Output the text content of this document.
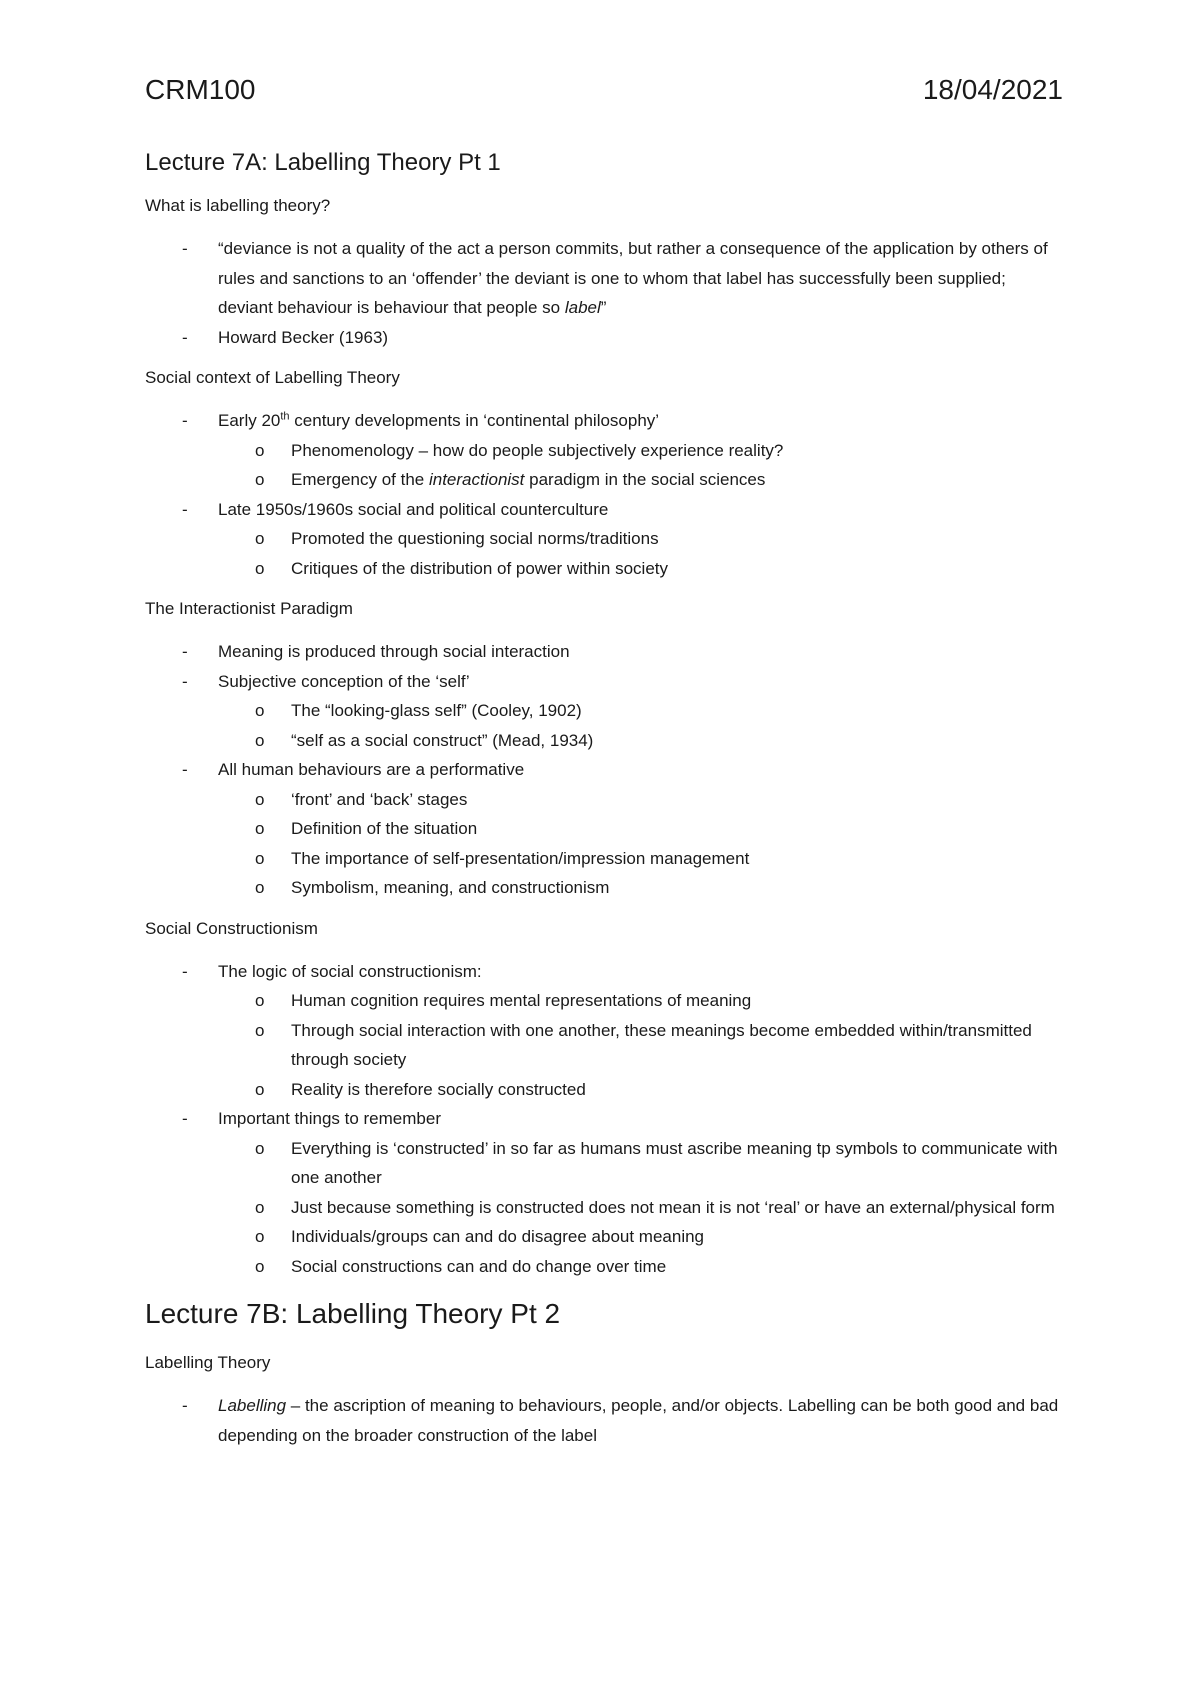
CRM100	18/04/2021
Lecture 7A: Labelling Theory Pt 1
What is labelling theory?
- “deviance is not a quality of the act a person commits, but rather a consequence of the application by others of rules and sanctions to an ‘offender’ the deviant is one to whom that label has successfully been supplied; deviant behaviour is behaviour that people so label”
- Howard Becker (1963)
Social context of Labelling Theory
- Early 20th century developments in ‘continental philosophy’
o Phenomenology – how do people subjectively experience reality?
o Emergency of the interactionist paradigm in the social sciences
- Late 1950s/1960s social and political counterculture
o Promoted the questioning social norms/traditions
o Critiques of the distribution of power within society
The Interactionist Paradigm
- Meaning is produced through social interaction
- Subjective conception of the ‘self’
o The “looking-glass self” (Cooley, 1902)
o “self as a social construct” (Mead, 1934)
- All human behaviours are a performative
o ‘front’ and ‘back’ stages
o Definition of the situation
o The importance of self-presentation/impression management
o Symbolism, meaning, and constructionism
Social Constructionism
- The logic of social constructionism:
o Human cognition requires mental representations of meaning
o Through social interaction with one another, these meanings become embedded within/transmitted through society
o Reality is therefore socially constructed
- Important things to remember
o Everything is ‘constructed’ in so far as humans must ascribe meaning tp symbols to communicate with one another
o Just because something is constructed does not mean it is not ‘real’ or have an external/physical form
o Individuals/groups can and do disagree about meaning
o Social constructions can and do change over time
Lecture 7B: Labelling Theory Pt 2
Labelling Theory
- Labelling – the ascription of meaning to behaviours, people, and/or objects. Labelling can be both good and bad depending on the broader construction of the label
